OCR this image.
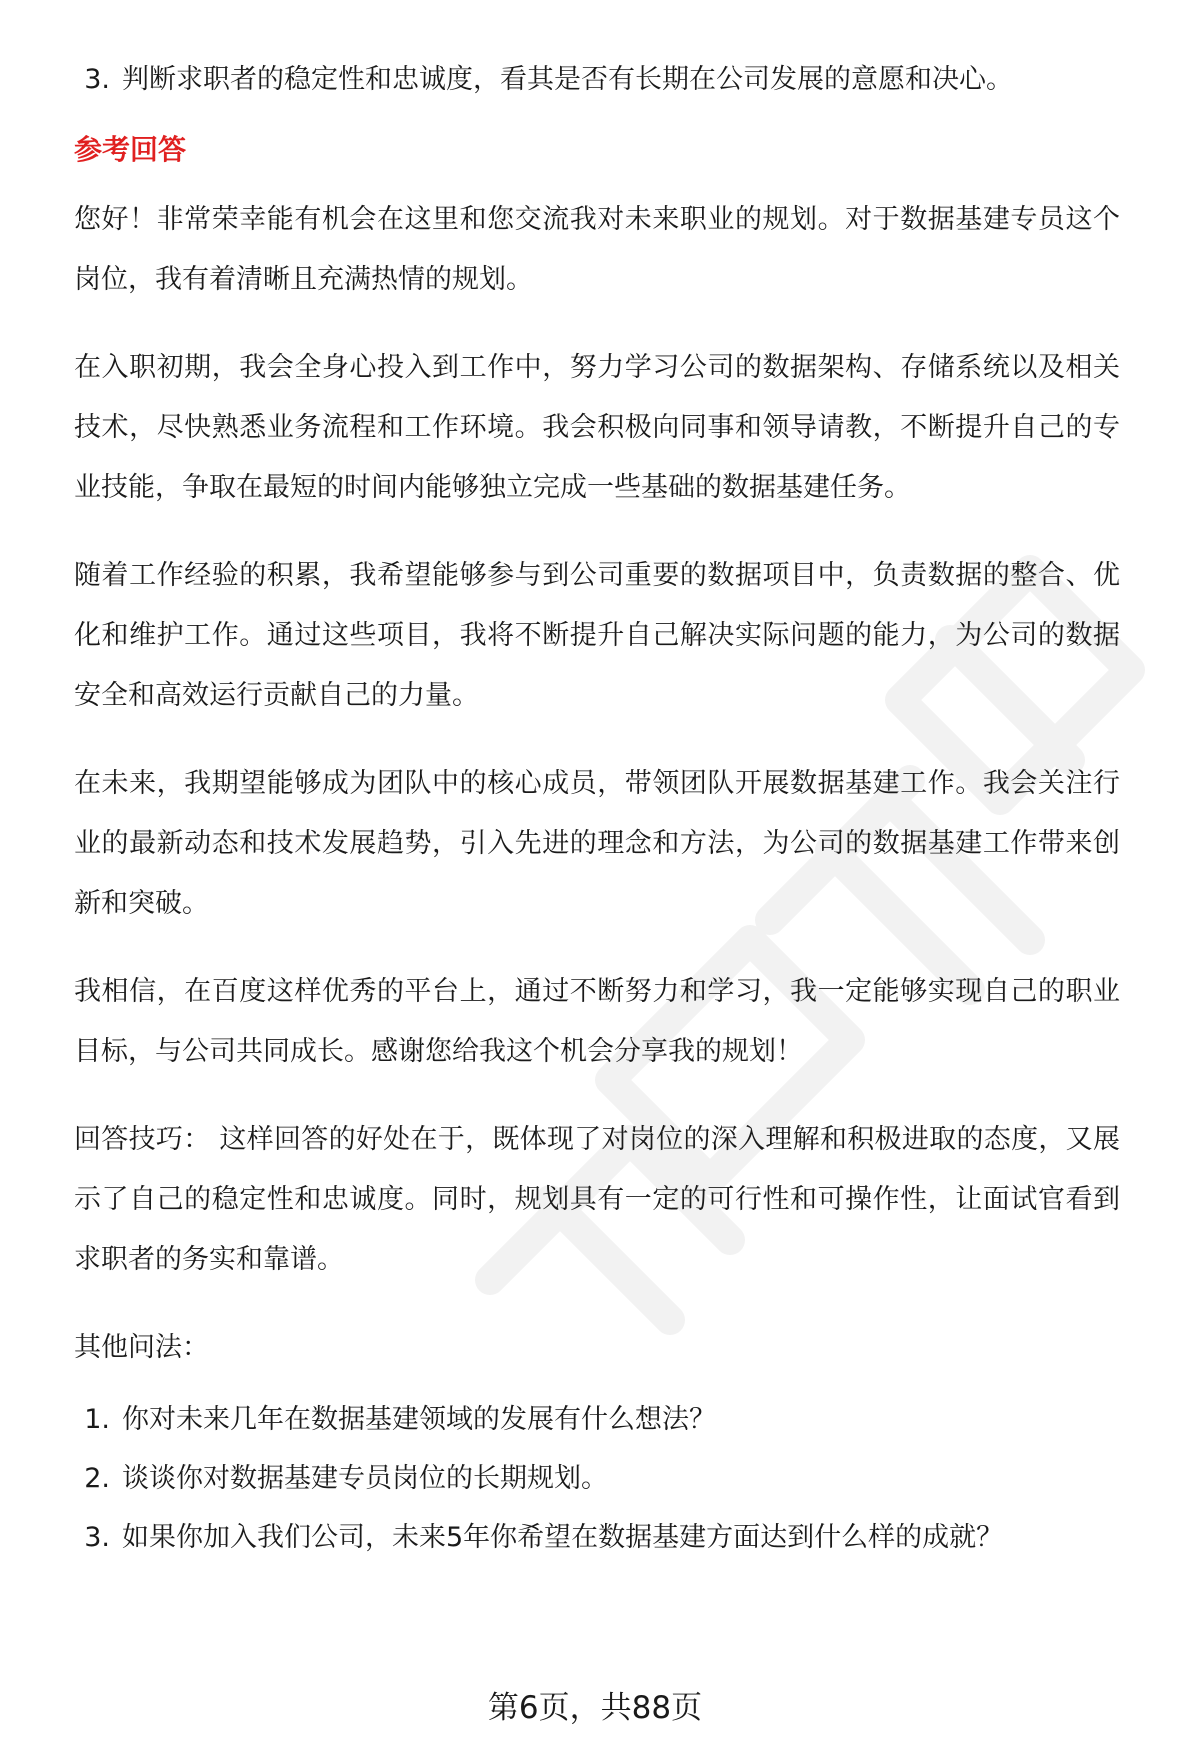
3. 判断求职者的稳定性和忠诚度，看其是否有长期在公司发展的意愿和决心。

参考回答

您好！非常荣幸能有机会在这里和您交流我对未来职业的规划。对于数据基建专员这个岗位，我有着清晰且充满热情的规划。

在入职初期，我会全身心投入到工作中，努力学习公司的数据架构、存储系统以及相关技术，尽快熟悉业务流程和工作环境。我会积极向同事和领导请教，不断提升自己的专业技能，争取在最短的时间内能够独立完成一些基础的数据基建任务。

随着工作经验的积累，我希望能够参与到公司重要的数据项目中，负责数据的整合、优化和维护工作。通过这些项目，我将不断提升自己解决实际问题的能力，为公司的数据安全和高效运行贡献自己的力量。

在未来，我期望能够成为团队中的核心成员，带领团队开展数据基建工作。我会关注行业的最新动态和技术发展趋势，引入先进的理念和方法，为公司的数据基建工作带来创新和突破。

我相信，在百度这样优秀的平台上，通过不断努力和学习，我一定能够实现自己的职业目标，与公司共同成长。感谢您给我这个机会分享我的规划！

回答技巧： 这样回答的好处在于，既体现了对岗位的深入理解和积极进取的态度，又展示了自己的稳定性和忠诚度。同时，规划具有一定的可行性和可操作性，让面试官看到求职者的务实和靠谱。

其他问法：

1. 你对未来几年在数据基建领域的发展有什么想法？
2. 谈谈你对数据基建专员岗位的长期规划。
3. 如果你加入我们公司，未来5年你希望在数据基建方面达到什么样的成就？
第6页，共88页
